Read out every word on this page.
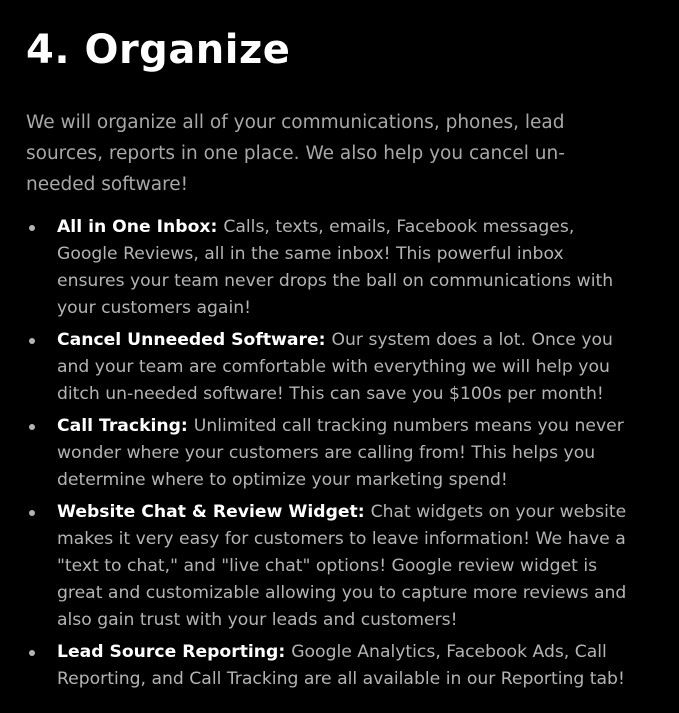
4. Organize

We will organize all of your communications, phones, lead sources, reports in one place. We also help you cancel un-needed software!

All in One Inbox: Calls, texts, emails, Facebook messages, Google Reviews, all in the same inbox! This powerful inbox ensures your team never drops the ball on communications with your customers again!
Cancel Unneeded Software: Our system does a lot. Once you and your team are comfortable with everything we will help you ditch un-needed software! This can save you $100s per month!
Call Tracking: Unlimited call tracking numbers means you never wonder where your customers are calling from! This helps you determine where to optimize your marketing spend!
Website Chat & Review Widget: Chat widgets on your website makes it very easy for customers to leave information! We have a "text to chat," and "live chat" options! Google review widget is great and customizable allowing you to capture more reviews and also gain trust with your leads and customers!
Lead Source Reporting: Google Analytics, Facebook Ads, Call Reporting, and Call Tracking are all available in our Reporting tab!
